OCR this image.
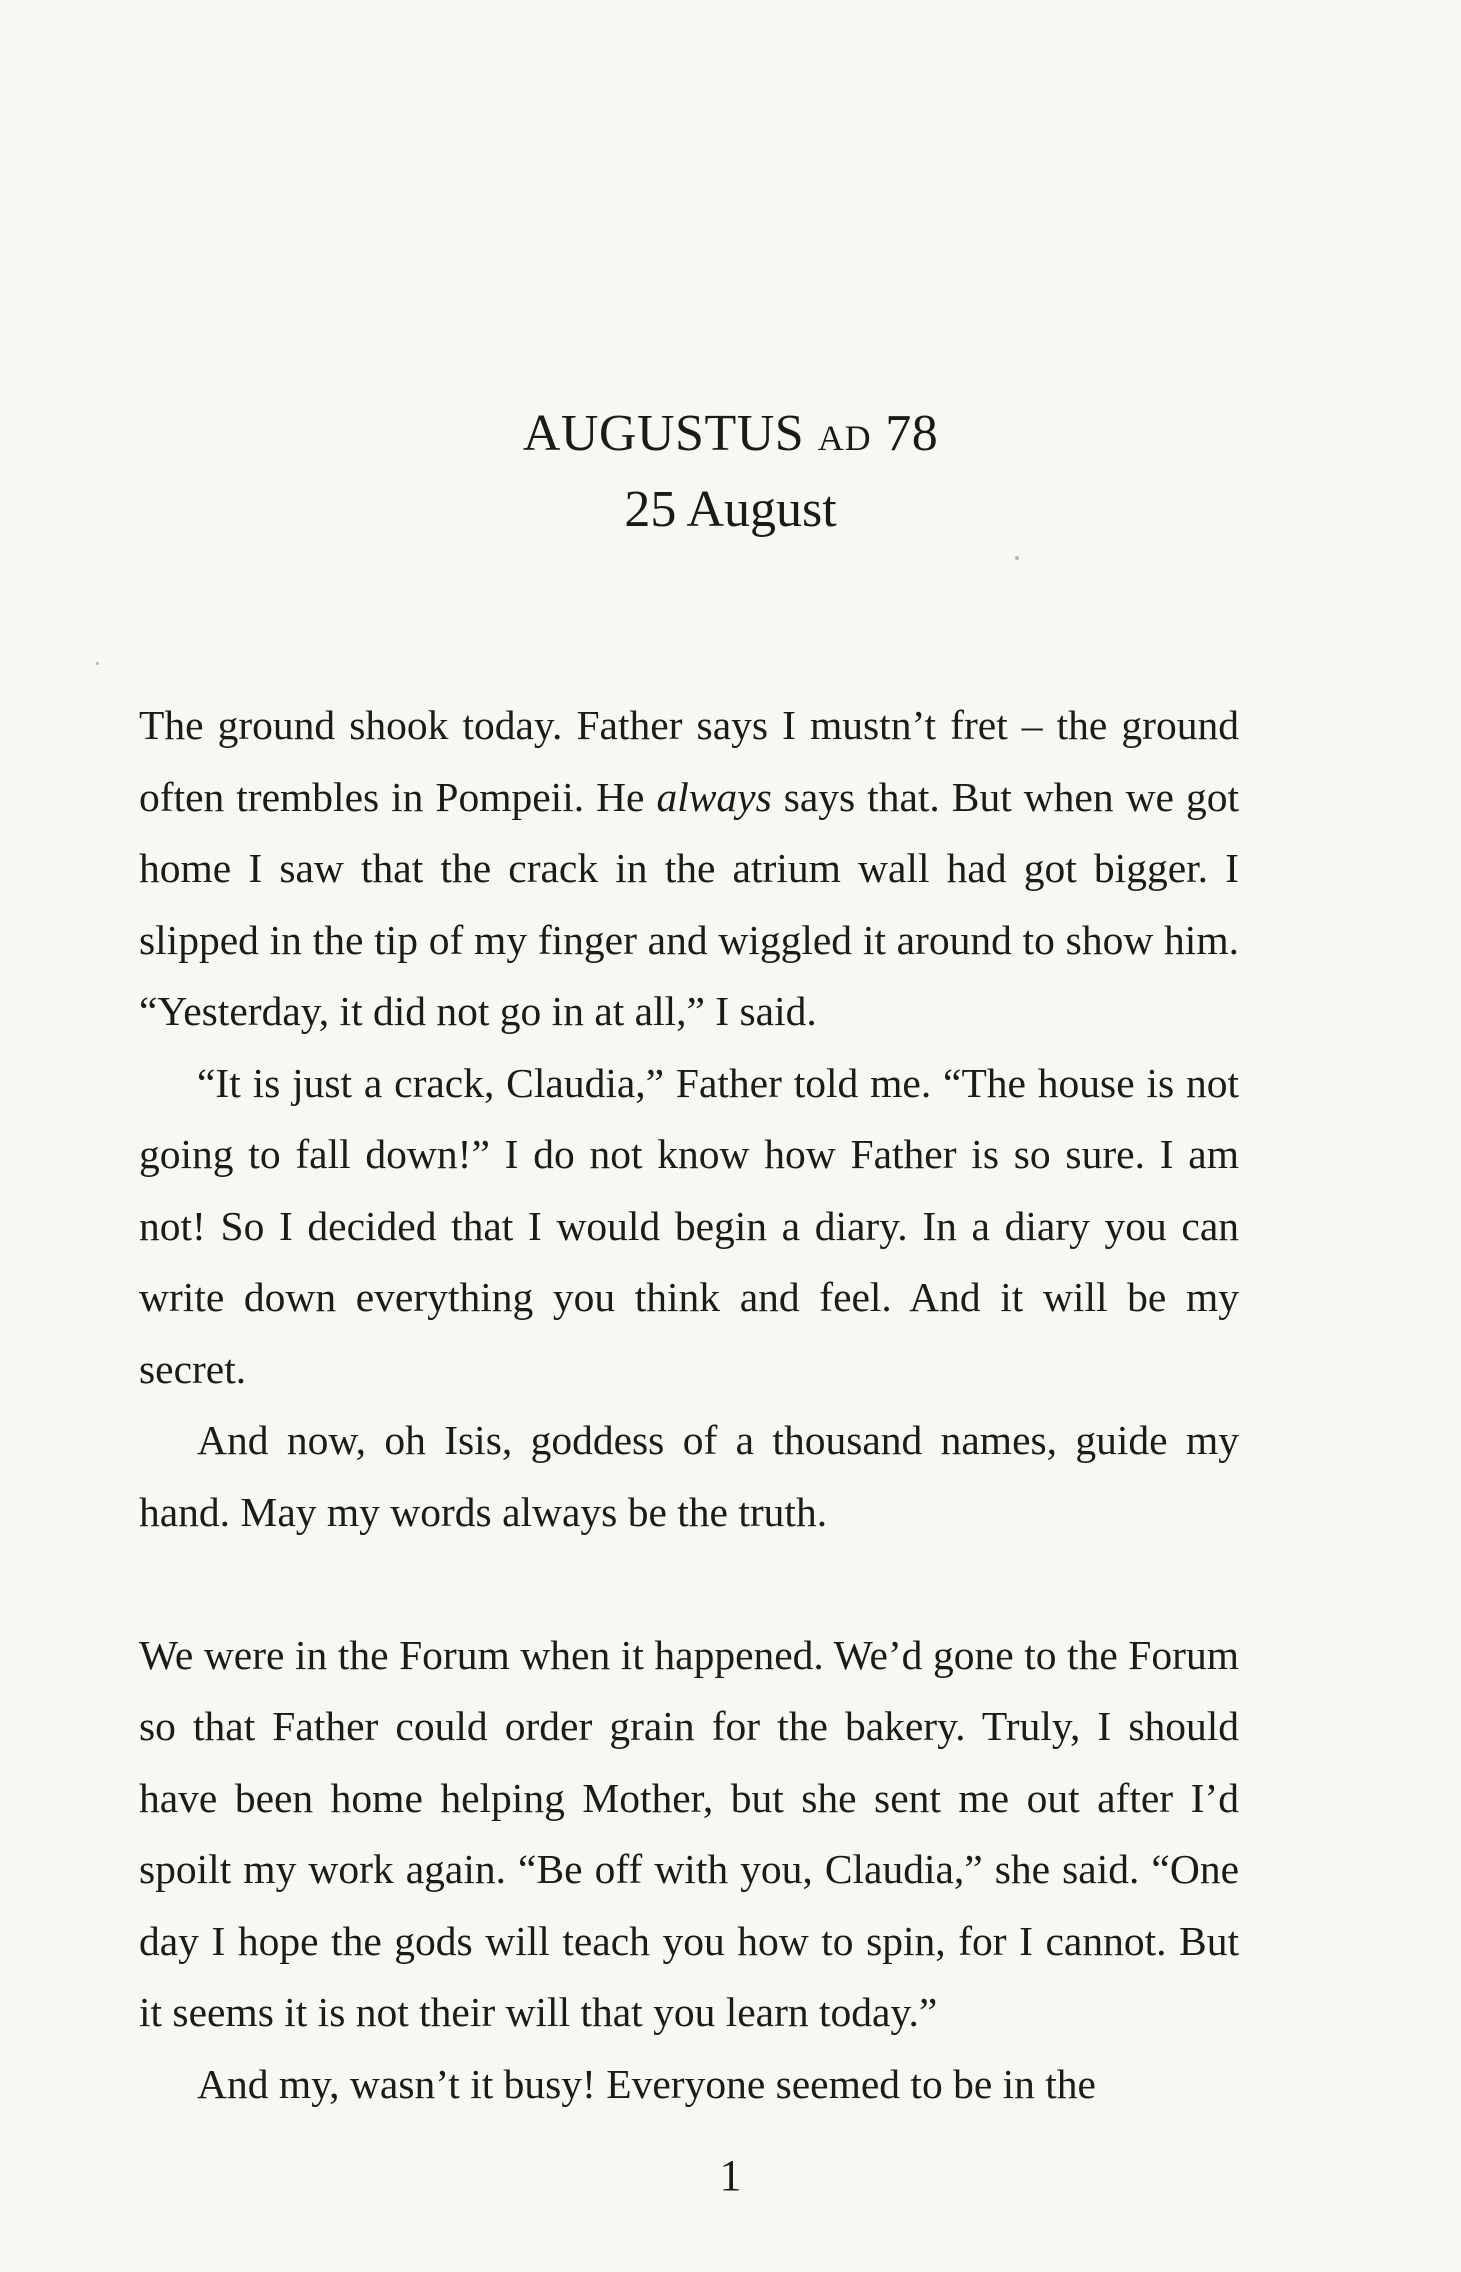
AUGUSTUS AD 78
25 August

The ground shook today. Father says I mustn’t fret – the ground often trembles in Pompeii. He always says that. But when we got home I saw that the crack in the atrium wall had got bigger. I slipped in the tip of my finger and wiggled it around to show him. “Yesterday, it did not go in at all,” I said.

“It is just a crack, Claudia,” Father told me. “The house is not going to fall down!” I do not know how Father is so sure. I am not! So I decided that I would begin a diary. In a diary you can write down everything you think and feel. And it will be my secret.

And now, oh Isis, goddess of a thousand names, guide my hand. May my words always be the truth.

We were in the Forum when it happened. We’d gone to the Forum so that Father could order grain for the bakery. Truly, I should have been home helping Mother, but she sent me out after I’d spoilt my work again. “Be off with you, Claudia,” she said. “One day I hope the gods will teach you how to spin, for I cannot. But it seems it is not their will that you learn today.”

And my, wasn’t it busy! Everyone seemed to be in the

1
